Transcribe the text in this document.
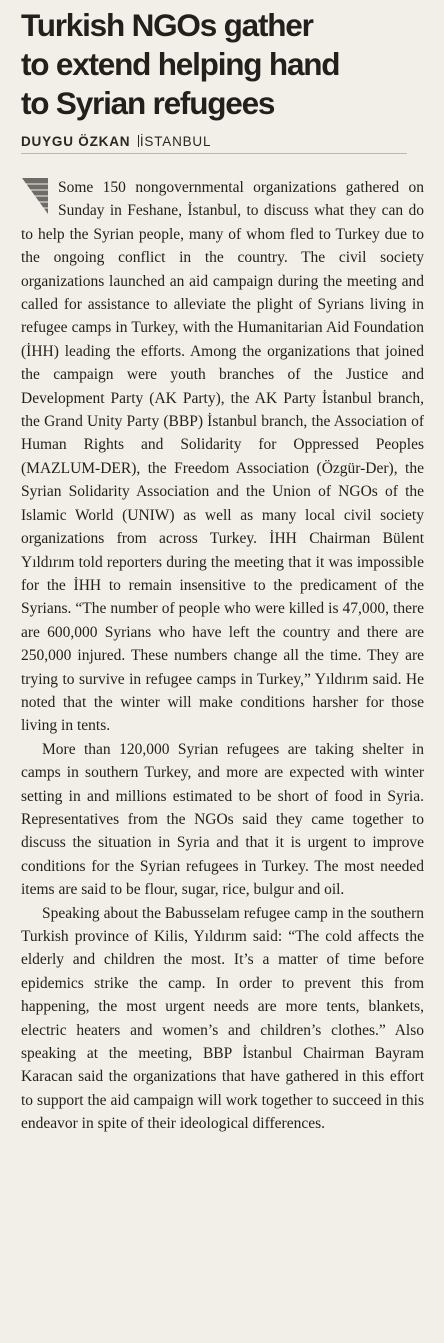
Turkish NGOs gather
to extend helping hand
to Syrian refugees
DUYGU ÖZKAN İSTANBUL

Some 150 nongovernmental organizations gathered on Sunday in Feshane, İstanbul, to discuss what they can do to help the Syrian people, many of whom fled to Turkey due to the ongoing conflict in the country. The civil society organizations launched an aid campaign during the meeting and called for assistance to alleviate the plight of Syrians living in refugee camps in Turkey, with the Humanitarian Aid Foundation (İHH) leading the efforts. Among the organizations that joined the campaign were youth branches of the Justice and Development Party (AK Party), the AK Party İstanbul branch, the Grand Unity Party (BBP) İstanbul branch, the Association of Human Rights and Solidarity for Oppressed Peoples (MAZLUM-DER), the Freedom Association (Özgür-Der), the Syrian Solidarity Association and the Union of NGOs of the Islamic World (UNIW) as well as many local civil society organizations from across Turkey. İHH Chairman Bülent Yıldırım told reporters during the meeting that it was impossible for the İHH to remain insensitive to the predicament of the Syrians. “The number of people who were killed is 47,000, there are 600,000 Syrians who have left the country and there are 250,000 injured. These numbers change all the time. They are trying to survive in refugee camps in Turkey,” Yıldırım said. He noted that the winter will make conditions harsher for those living in tents.

More than 120,000 Syrian refugees are taking shelter in camps in southern Turkey, and more are expected with winter setting in and millions estimated to be short of food in Syria. Representatives from the NGOs said they came together to discuss the situation in Syria and that it is urgent to improve conditions for the Syrian refugees in Turkey. The most needed items are said to be flour, sugar, rice, bulgur and oil.

Speaking about the Babusselam refugee camp in the southern Turkish province of Kilis, Yıldırım said: “The cold affects the elderly and children the most. It’s a matter of time before epidemics strike the camp. In order to prevent this from happening, the most urgent needs are more tents, blankets, electric heaters and women’s and children’s clothes.” Also speaking at the meeting, BBP İstanbul Chairman Bayram Karacan said the organizations that have gathered in this effort to support the aid campaign will work together to succeed in this endeavor in spite of their ideological differences.
